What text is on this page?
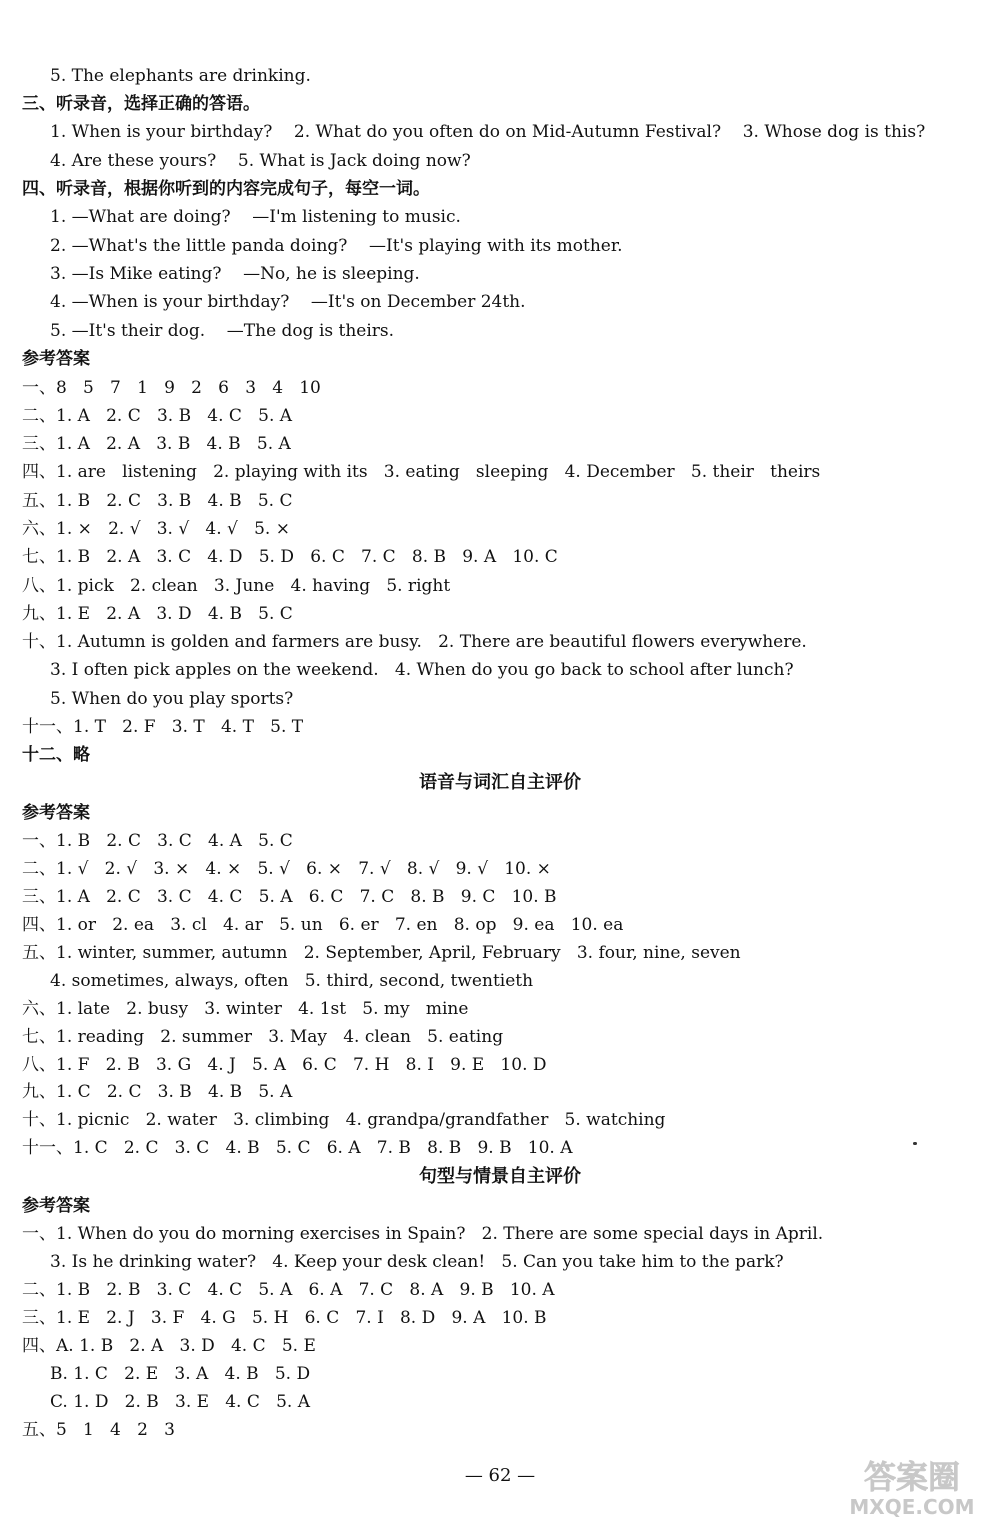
5. The elephants are drinking.
三、听录音，选择正确的答语。
1. When is your birthday?    2. What do you often do on Mid-Autumn Festival?    3. Whose dog is this?
4. Are these yours?    5. What is Jack doing now?
四、听录音，根据你听到的内容完成句子，每空一词。
1. —What are doing?    —I'm listening to music.
2. —What's the little panda doing?    —It's playing with its mother.
3. —Is Mike eating?    —No, he is sleeping.
4. —When is your birthday?    —It's on December 24th.
5. —It's their dog.    —The dog is theirs.
参考答案
一、8   5   7   1   9   2   6   3   4   10
二、1. A   2. C   3. B   4. C   5. A
三、1. A   2. A   3. B   4. B   5. A
四、1. are   listening   2. playing with its   3. eating   sleeping   4. December   5. their   theirs
五、1. B   2. C   3. B   4. B   5. C
六、1. ×   2. √   3. √   4. √   5. ×
七、1. B   2. A   3. C   4. D   5. D   6. C   7. C   8. B   9. A   10. C
八、1. pick   2. clean   3. June   4. having   5. right
九、1. E   2. A   3. D   4. B   5. C
十、1. Autumn is golden and farmers are busy.   2. There are beautiful flowers everywhere.
3. I often pick apples on the weekend.   4. When do you go back to school after lunch?
5. When do you play sports?
十一、1. T   2. F   3. T   4. T   5. T
十二、略
语音与词汇自主评价
参考答案
一、1. B   2. C   3. C   4. A   5. C
二、1. √   2. √   3. ×   4. ×   5. √   6. ×   7. √   8. √   9. √   10. ×
三、1. A   2. C   3. C   4. C   5. A   6. C   7. C   8. B   9. C   10. B
四、1. or   2. ea   3. cl   4. ar   5. un   6. er   7. en   8. op   9. ea   10. ea
五、1. winter, summer, autumn   2. September, April, February   3. four, nine, seven
4. sometimes, always, often   5. third, second, twentieth
六、1. late   2. busy   3. winter   4. 1st   5. my   mine
七、1. reading   2. summer   3. May   4. clean   5. eating
八、1. F   2. B   3. G   4. J   5. A   6. C   7. H   8. I   9. E   10. D
九、1. C   2. C   3. B   4. B   5. A
十、1. picnic   2. water   3. climbing   4. grandpa/grandfather   5. watching
十一、1. C   2. C   3. C   4. B   5. C   6. A   7. B   8. B   9. B   10. A
句型与情景自主评价
参考答案
一、1. When do you do morning exercises in Spain?   2. There are some special days in April.
3. Is he drinking water?   4. Keep your desk clean!   5. Can you take him to the park?
二、1. B   2. B   3. C   4. C   5. A   6. A   7. C   8. A   9. B   10. A
三、1. E   2. J   3. F   4. G   5. H   6. C   7. I   8. D   9. A   10. B
四、A. 1. B   2. A   3. D   4. C   5. E
B. 1. C   2. E   3. A   4. B   5. D
C. 1. D   2. B   3. E   4. C   5. A
五、5   1   4   2   3
— 62 —	答案圈
MXQE.COM
